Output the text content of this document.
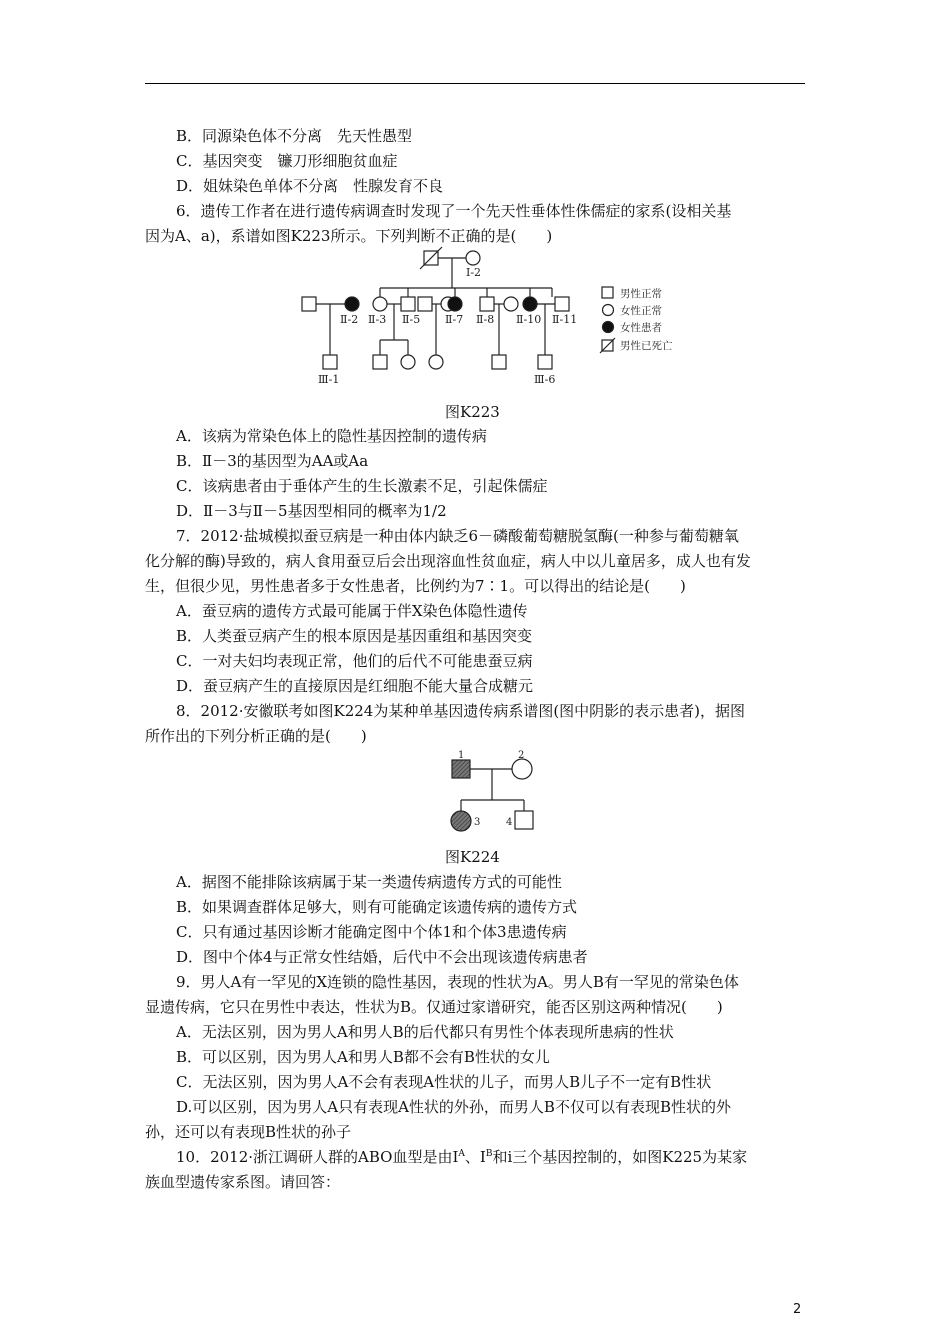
B．同源染色体不分离　先天性愚型
C．基因突变　镰刀形细胞贫血症
D．姐妹染色单体不分离　性腺发育不良
6．遗传工作者在进行遗传病调查时发现了一个先天性垂体性侏儒症的家系(设相关基
因为A、a)，系谱如图K223所示。下列判断不正确的是(　　)
Ⅰ-2
Ⅱ-2 Ⅱ-3 Ⅱ-5 Ⅱ-7 Ⅱ-8 Ⅱ-10 Ⅱ-11
Ⅲ-1	Ⅲ-6
男性正常
女性正常
女性患者
男性已死亡
图K223
A．该病为常染色体上的隐性基因控制的遗传病
B．Ⅱ－3的基因型为AA或Aa
C．该病患者由于垂体产生的生长激素不足，引起侏儒症
D．Ⅱ－3与Ⅱ－5基因型相同的概率为1/2
7．2012·盐城模拟蚕豆病是一种由体内缺乏6－磷酸葡萄糖脱氢酶(一种参与葡萄糖氧
化分解的酶)导致的，病人食用蚕豆后会出现溶血性贫血症，病人中以儿童居多，成人也有发
生，但很少见，男性患者多于女性患者，比例约为7∶1。可以得出的结论是(　　)
A．蚕豆病的遗传方式最可能属于伴X染色体隐性遗传
B．人类蚕豆病产生的根本原因是基因重组和基因突变
C．一对夫妇均表现正常，他们的后代不可能患蚕豆病
D．蚕豆病产生的直接原因是红细胞不能大量合成糖元
8．2012·安徽联考如图K224为某种单基因遗传病系谱图(图中阴影的表示患者)，据图
所作出的下列分析正确的是(　　)
1	2
3	4
图K224
A．据图不能排除该病属于某一类遗传病遗传方式的可能性
B．如果调查群体足够大，则有可能确定该遗传病的遗传方式
C．只有通过基因诊断才能确定图中个体1和个体3患遗传病
D．图中个体4与正常女性结婚，后代中不会出现该遗传病患者
9．男人A有一罕见的X连锁的隐性基因，表现的性状为A。男人B有一罕见的常染色体
显遗传病，它只在男性中表达，性状为B。仅通过家谱研究，能否区别这两种情况(　　)
A．无法区别，因为男人A和男人B的后代都只有男性个体表现所患病的性状
B．可以区别，因为男人A和男人B都不会有B性状的女儿
C．无法区别，因为男人A不会有表现A性状的儿子，而男人B儿子不一定有B性状
D.可以区别，因为男人A只有表现A性状的外孙，而男人B不仅可以有表现B性状的外
孙，还可以有表现B性状的孙子
10．2012·浙江调研人群的ABO血型是由$I^A$、$I^B$和i三个基因控制的，如图K225为某家
族血型遗传家系图。请回答：
2
